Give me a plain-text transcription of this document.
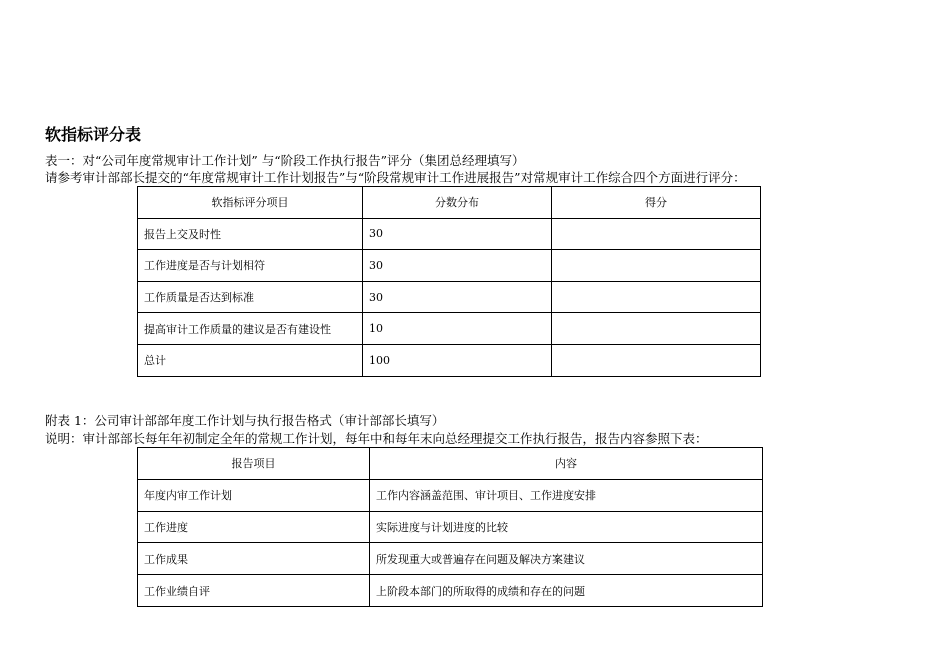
软指标评分表
表一：对“公司年度常规审计工作计划” 与“阶段工作执行报告”评分（集团总经理填写）
请参考审计部部长提交的“年度常规审计工作计划报告”与“阶段常规审计工作进展报告”对常规审计工作综合四个方面进行评分：
软指标评分项目	分数分布	得分
报告上交及时性	30	
工作进度是否与计划相符	30	
工作质量是否达到标准	30	
提高审计工作质量的建议是否有建设性	10	
总计	100	
附表 1：公司审计部部年度工作计划与执行报告格式（审计部部长填写）
说明：审计部部长每年年初制定全年的常规工作计划，每年中和每年末向总经理提交工作执行报告，报告内容参照下表：
报告项目	内容
年度内审工作计划	工作内容涵盖范围、审计项目、工作进度安排
工作进度	实际进度与计划进度的比较
工作成果	所发现重大或普遍存在问题及解决方案建议
工作业绩自评	上阶段本部门的所取得的成绩和存在的问题
